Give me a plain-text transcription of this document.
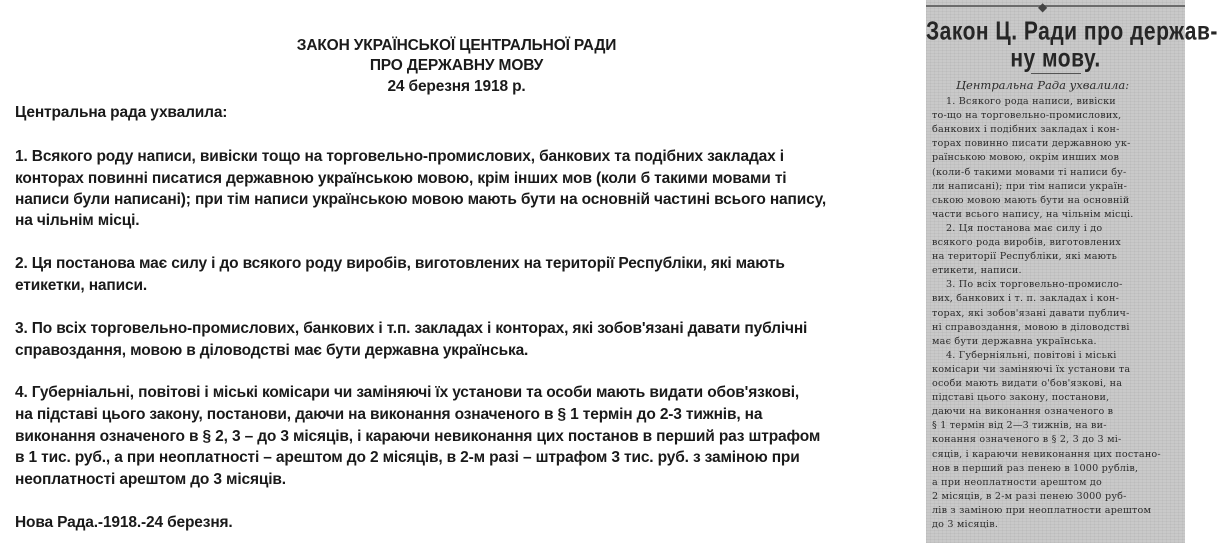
ЗАКОН УКРАЇНСЬКОЇ ЦЕНТРАЛЬНОЇ РАДИ
ПРО ДЕРЖАВНУ МОВУ
24 березня 1918 р.
Центральна рада ухвалила:
1. Всякого роду написи, вивіски тощо на торговельно-промислових, банкових та подібних закладах і
конторах повинні писатися державною українською мовою, крім інших мов (коли б такими мовами ті
написи були написані); при тім написи українською мовою мають бути на основній частині всього напису,
на чільнім місці.
2. Ця постанова має силу і до всякого роду виробів, виготовлених на території Республіки, які мають
етикетки, написи.
3. По всіх торговельно-промислових, банкових і т.п. закладах і конторах, які зобов'язані давати публічні
справоздання, мовою в діловодстві має бути державна українська.
4. Губерніальні, повітові і міські комісари чи заміняючі їх установи та особи мають видати обов'язкові,
на підставі цього закону, постанови, даючи на виконання означеного в § 1 термін до 2-3 тижнів, на
виконання означеного в § 2, 3 – до 3 місяців, і караючи невиконання цих постанов в перший раз штрафом
в 1 тис. руб., а при неоплатності – арештом до 2 місяців, в 2-м разі – штрафом 3 тис. руб. з заміною при
неоплатності арештом до 3 місяців.
Нова Рада.-1918.-24 березня.
◆
Закон Ц. Ради про держав-
ну мову.
Центральна Рада ухвалила:
1. Всякого рода написи, вивіски
то-що на торговельно-промислових,
банкових і подібних закладах і кон-
торах повинно писати державною ук-
раїнською мовою, окрім инших мов
(коли-б такими мовами ті написи бу-
ли написані); при тім написи україн-
ською мовою мають бути на основній
части всього напису, на чільнім місці.
2. Ця постанова має силу і до
всякого рода виробів, виготовлених
на території Республіки, які мають
етикети, написи.
3. По всіх торговельно-промисло-
вих, банкових і т. п. закладах і кон-
торах, які зобов'язані давати публич-
ні справоздання, мовою в діловодстві
має бути державна українська.
4. Губерніяльні, повітові і міські
комісари чи заміняючі їх установи та
особи мають видати о'бов'язкові, на
підставі цього закону, постанови,
даючи на виконання означеного в
§ 1 термін від 2—3 тижнів, на ви-
конання означеного в § 2, 3 до 3 мі-
сяців, і караючи невиконання цих постано-
нов в перший раз пенею в 1000 рублів,
а при неоплатности арештом до
2 місяців, в 2-м разі пенею 3000 руб-
лів з заміною при неоплатности арештом
до 3 місяців.
